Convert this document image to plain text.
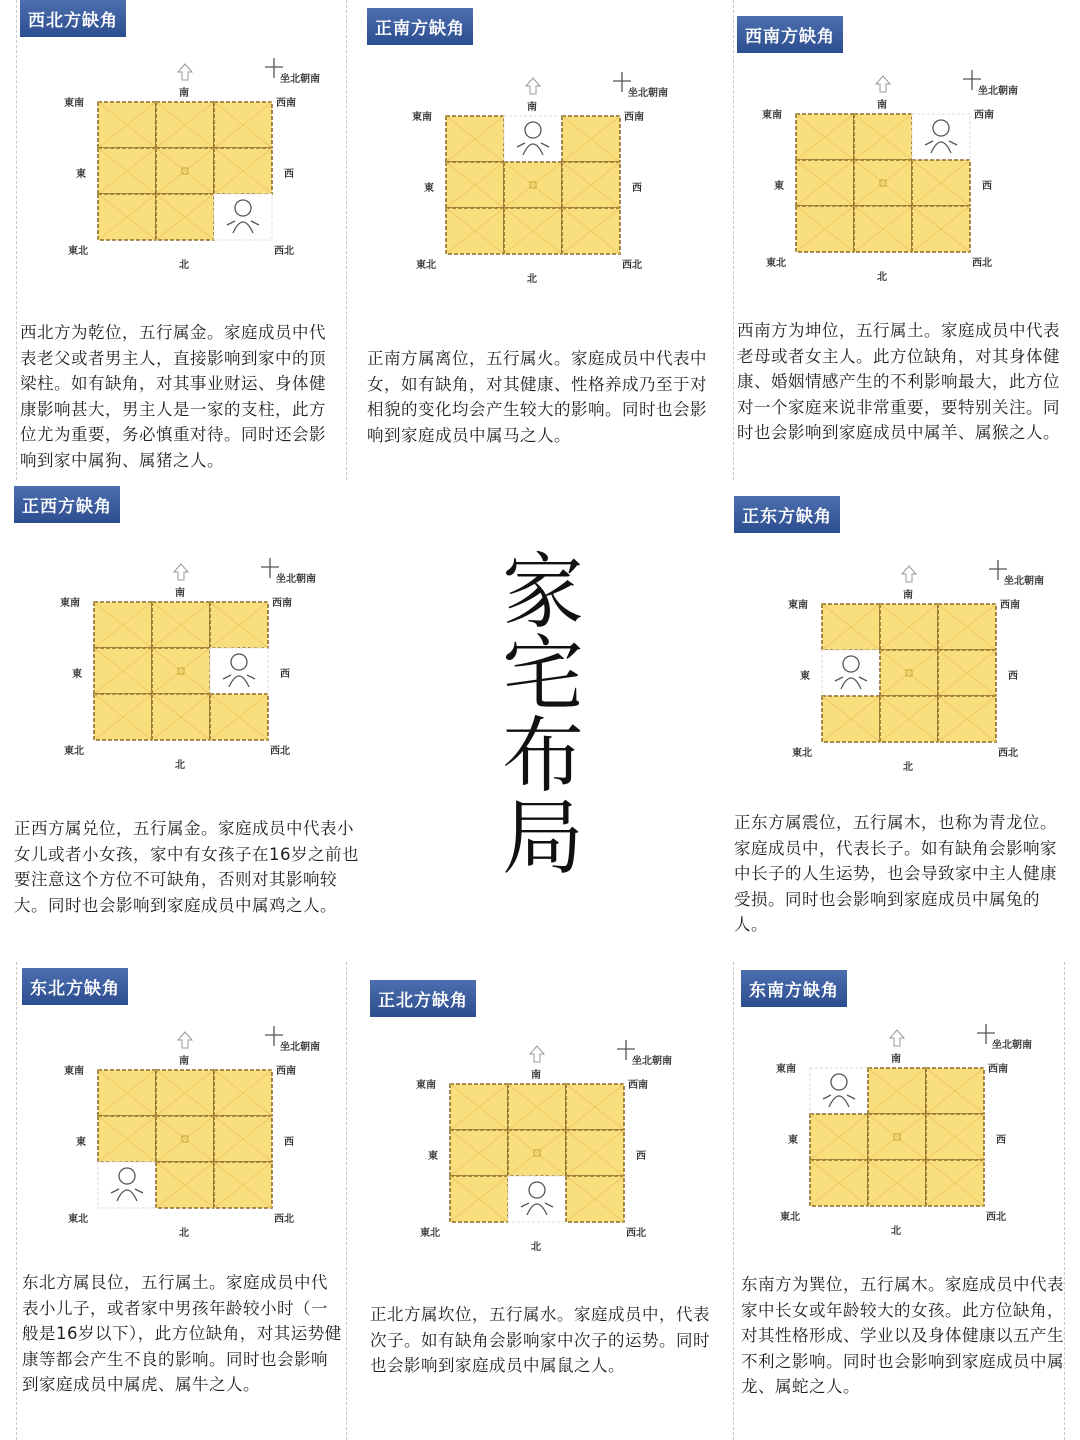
西北方缺角
坐北朝南
南
東南	西南
東	西
東北	西北
北
西北方为乾位，五行属金。家庭成员中代表老父或者男主人，直接影响到家中的顶梁柱。如有缺角，对其事业财运、身体健康影响甚大，男主人是一家的支柱，此方位尤为重要，务必慎重对待。同时还会影响到家中属狗、属猪之人。
正南方缺角
坐北朝南
南
東南	西南
東	西
東北	西北
北
正南方属离位，五行属火。家庭成员中代表中女，如有缺角，对其健康、性格养成乃至于对相貌的变化均会产生较大的影响。同时也会影响到家庭成员中属马之人。
西南方缺角
坐北朝南
南
東南	西南
東	西
東北	西北
北
西南方为坤位，五行属土。家庭成员中代表老母或者女主人。此方位缺角，对其身体健康、婚姻情感产生的不利影响最大，此方位对一个家庭来说非常重要，要特别关注。同时也会影响到家庭成员中属羊、属猴之人。
正西方缺角
坐北朝南
南
東南	西南
東	西
東北	西北
北
正西方属兑位，五行属金。家庭成员中代表小女儿或者小女孩，家中有女孩子在16岁之前也要注意这个方位不可缺角，否则对其影响较大。同时也会影响到家庭成员中属鸡之人。
家
宅
布
局
正东方缺角
坐北朝南
南
東南	西南
東	西
東北	西北
北
正东方属震位，五行属木，也称为青龙位。家庭成员中，代表长子。如有缺角会影响家中长子的人生运势，也会导致家中主人健康受损。同时也会影响到家庭成员中属兔的人。
东北方缺角
坐北朝南
南
東南	西南
東	西
東北	西北
北
东北方属艮位，五行属土。家庭成员中代表小儿子，或者家中男孩年龄较小时（一般是16岁以下），此方位缺角，对其运势健康等都会产生不良的影响。同时也会影响到家庭成员中属虎、属牛之人。
正北方缺角
坐北朝南
南
東南	西南
東	西
東北	西北
北
正北方属坎位，五行属水。家庭成员中，代表次子。如有缺角会影响家中次子的运势。同时也会影响到家庭成员中属鼠之人。
东南方缺角
坐北朝南
南
東南	西南
東	西
東北	西北
北
东南方为巽位，五行属木。家庭成员中代表家中长女或年龄较大的女孩。此方位缺角，对其性格形成、学业以及身体健康以五产生不利之影响。同时也会影响到家庭成员中属龙、属蛇之人。
